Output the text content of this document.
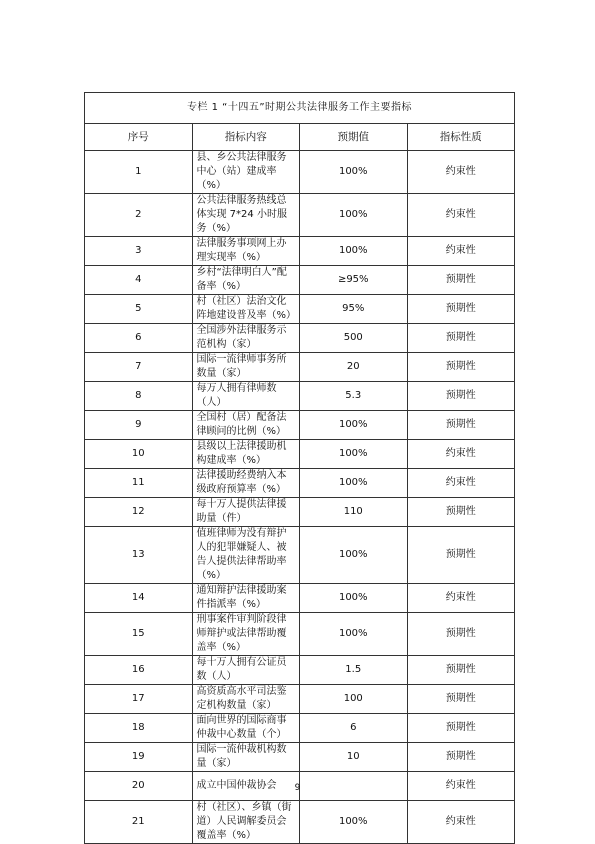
专栏 1 “十四五”时期公共法律服务工作主要指标			
序号	指标内容	预期值	指标性质
1	县、乡公共法律服务中心（站）建成率（%）	100%	约束性
2	公共法律服务热线总体实现 7*24 小时服务（%）	100%	约束性
3	法律服务事项网上办理实现率（%）	100%	约束性
4	乡村“法律明白人”配备率（%）	≥95%	预期性
5	村（社区）法治文化阵地建设普及率（%）	95%	预期性
6	全国涉外法律服务示范机构（家）	500	预期性
7	国际一流律师事务所数量（家）	20	预期性
8	每万人拥有律师数（人）	5.3	预期性
9	全国村（居）配备法律顾问的比例（%）	100%	预期性
10	县级以上法律援助机构建成率（%）	100%	约束性
11	法律援助经费纳入本级政府预算率（%）	100%	约束性
12	每十万人提供法律援助量（件）	110	预期性
13	值班律师为没有辩护人的犯罪嫌疑人、被告人提供法律帮助率（%）	100%	预期性
14	通知辩护法律援助案件指派率（%）	100%	约束性
15	刑事案件审判阶段律师辩护或法律帮助覆盖率（%）	100%	预期性
16	每十万人拥有公证员数（人）	1.5	预期性
17	高资质高水平司法鉴定机构数量（家）	100	预期性
18	面向世界的国际商事仲裁中心数量（个）	6	预期性
19	国际一流仲裁机构数量（家）	10	预期性
20	成立中国仲裁协会		约束性
21	村（社区）、乡镇（街道）人民调解委员会覆盖率（%）	100%	约束性
9
